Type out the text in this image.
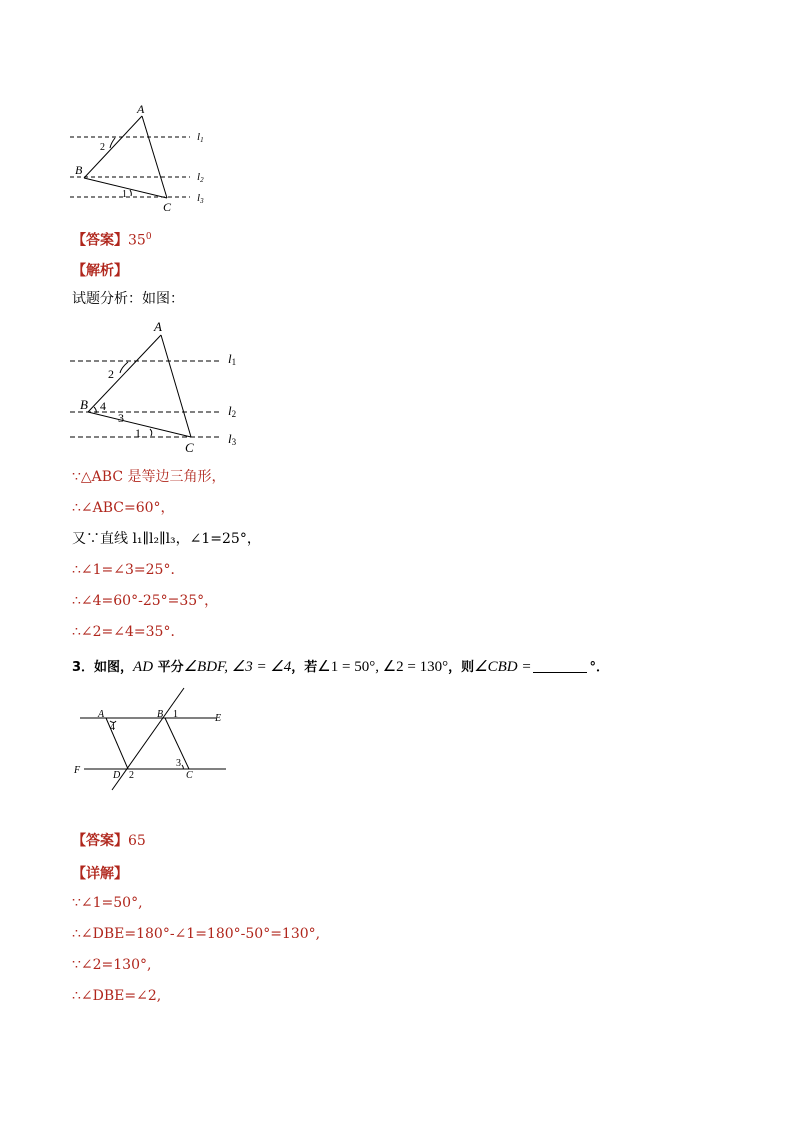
A
B
C
2
1
l1
l2
l3
【答案】$35^0$
【解析】
试题分析：如图：
A
B
C
2
4
3
1
l1
l2
l3
∵△ABC 是等边三角形，
∴∠ABC=60°，
又∵直线 l₁∥l₂∥l₃，∠1=25°，
∴∠1=∠3=25°．
∴∠4=60°-25°=35°，
∴∠2=∠4=35°．
3．如图，AD 平分∠BDF, ∠3 = ∠4，若∠1 = 50°, ∠2 = 130°，则∠CBD =	°．
A	B	E
F	D	C
1
2
3
4
【答案】65
【详解】
∵∠1=50°,
∴∠DBE=180°-∠1=180°-50°=130°,
∵∠2=130°,
∴∠DBE=∠2,
